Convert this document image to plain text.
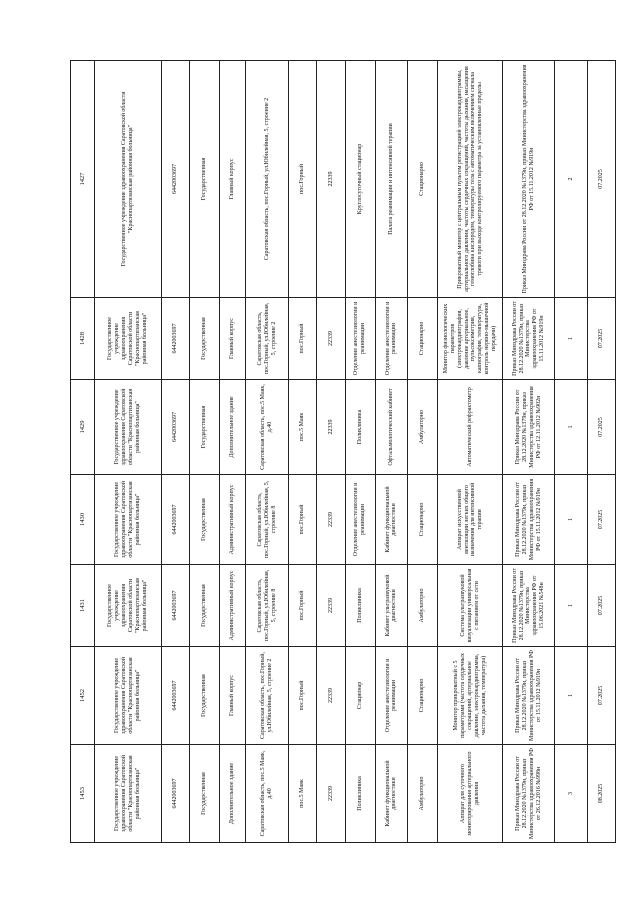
1453	1452	1431	1430	1429	1428	1427
Государственное учреждение здравоохранения Саратовской области "Краснопартизанская районная больница"	Государственное учреждение здравоохранения Саратовской области "Краснопартизанская районная больница"	Государственное учреждение здравоохранения Саратовской области "Краснопартизанская районная больница"	Государственное учреждение здравоохранения Саратовской области "Краснопартизанская районная больница"	Государственное учреждение здравоохранения Саратовской области "Краснопартизанская районная больница"	Государственное учреждение здравоохранения Саратовской области "Краснопартизанская районная больница"	Государственное учреждение здравоохранения Саратовской области "Краснопартизанская районная больница"
6442003697	6442003697	6442003697	6442003697	6442003697	6442003697	6442003697
Государственная	Государственная	Государственная	Государственная	Государственная	Государственная	Государственная
Дополнительное здание	Главный корпус	Административный корпус	Административный корпус	Дополнительное здание	Главный корпус	Главный корпус
Саратовская область, пос.5 Маяк, д.40	Саратовская область, пос.Горный, ул.Юбилейная, 5, строение 2	Саратовская область, пос.Горный, ул.Юбилейная, 5, строение 8	Саратовская область, пос.Горный, ул.Юбилейная, 5, строение 8	Саратовская область, пос.5 Маяк, д.40	Саратовская область, пос.Горный, ул.Юбилейная, 5, строение 2	Саратовская область, пос.Горный, ул.Юбилейная, 5, строение 2
пос.5 Маяк	пос.Горный	пос.Горный	пос.Горный	пос.5 Маяк	пос.Горный	пос.Горный
22339	22339	22339	22339	22339	22339	22339
Поликлиника	Стационар	Поликлиника	Отделение анестезиологии и реанимации	Поликлиника	Отделение анестезиологии и реанимации	Круглосуточный стационар
Кабинет функциональной диагностики	Отделение анестезиологии и реанимации	Кабинет ультразвуковой диагностики	Кабинет функциональной диагностики	Офтальмологический кабинет	Отделение анестезиологии и реанимации	Палата реанимации и интенсивной терапии
Амбулаторно	Стационарно	Амбулаторно	Стационарно	Амбулаторно	Стационарно	Стационарно
Аппарат для суточного мониторирования артериального давления	Монитор прикроватный с 5 параметрами (частота сердечных сокращений, артериальное давление, электрокардиограмма, частота дыхания, температура)	Система ультразвуковой визуализации универсальная с питанием от сети	Аппарат искусственной вентиляции легких общего назначения для интенсивной терапии	Автоматический рефрактометр	Монитор физиологических параметров (электрокардиография, давление артериальное, пульсоксиметрия, капнография, температура, контроль нервно-мышечной передачи)	Прикроватный монитор с центральным пультом регистрацией электрокардиограммы, артериального давления, частоты сердечных сокращений, частоты дыхания, насыщения гемоглобина кислородом, температуры тела с автоматическим включением сигнала тревоги при выходе контролируемого параметра за установленные пределы
Приказ Минздрава России от 28.12.2020 №1379н, приказ Министерства здравоохранения РФ от 26.12.2016 №998н	Приказ Минздрава России от 28.12.2020 №1379н, приказ Министерства здравоохранения РФ от 15.11.2012 №919н	Приказ Минздрава России от 28.12.2020 №1379н, приказ Министерства здравоохранения РФ от 15.06.2021 №548н	Приказ Минздрава России от 28.12.2020 №1379н, приказ Министерства здравоохранения РФ от 15.11.2012 №919н	Приказ Минздрава России от 28.12.2020 №1379н, приказ Министерства здравоохранения РФ от 12.11.2012 №902н	Приказ Минздрава России от 28.12.2020 №1379н, приказ Министерства здравоохранения РФ от 15.11.2012 №919н	Приказ Минздрава России от 28.12.2020 №1379н, приказ Министерства здравоохранения РФ от 15.11.2012 №919н
3	1	1	1	1	1	2
08.2025	07.2025	07.2025	07.2025	07.2025	07.2025	07.2025
